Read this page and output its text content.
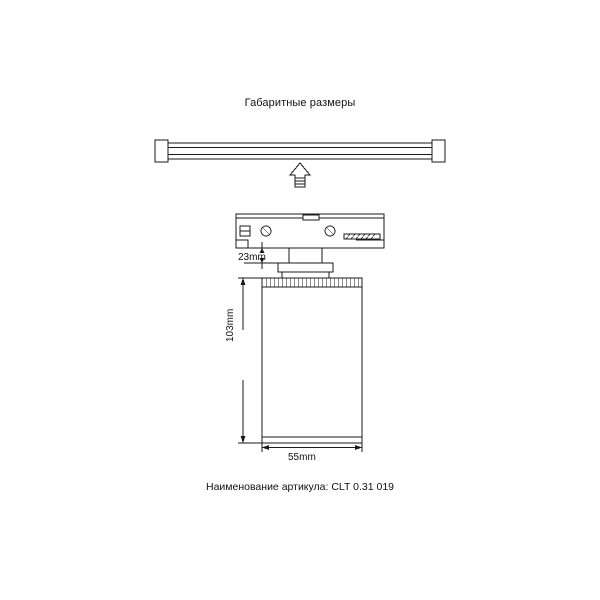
Габаритные размеры
23mm
103mm
55mm
Наименование артикула: CLT 0.31 019
